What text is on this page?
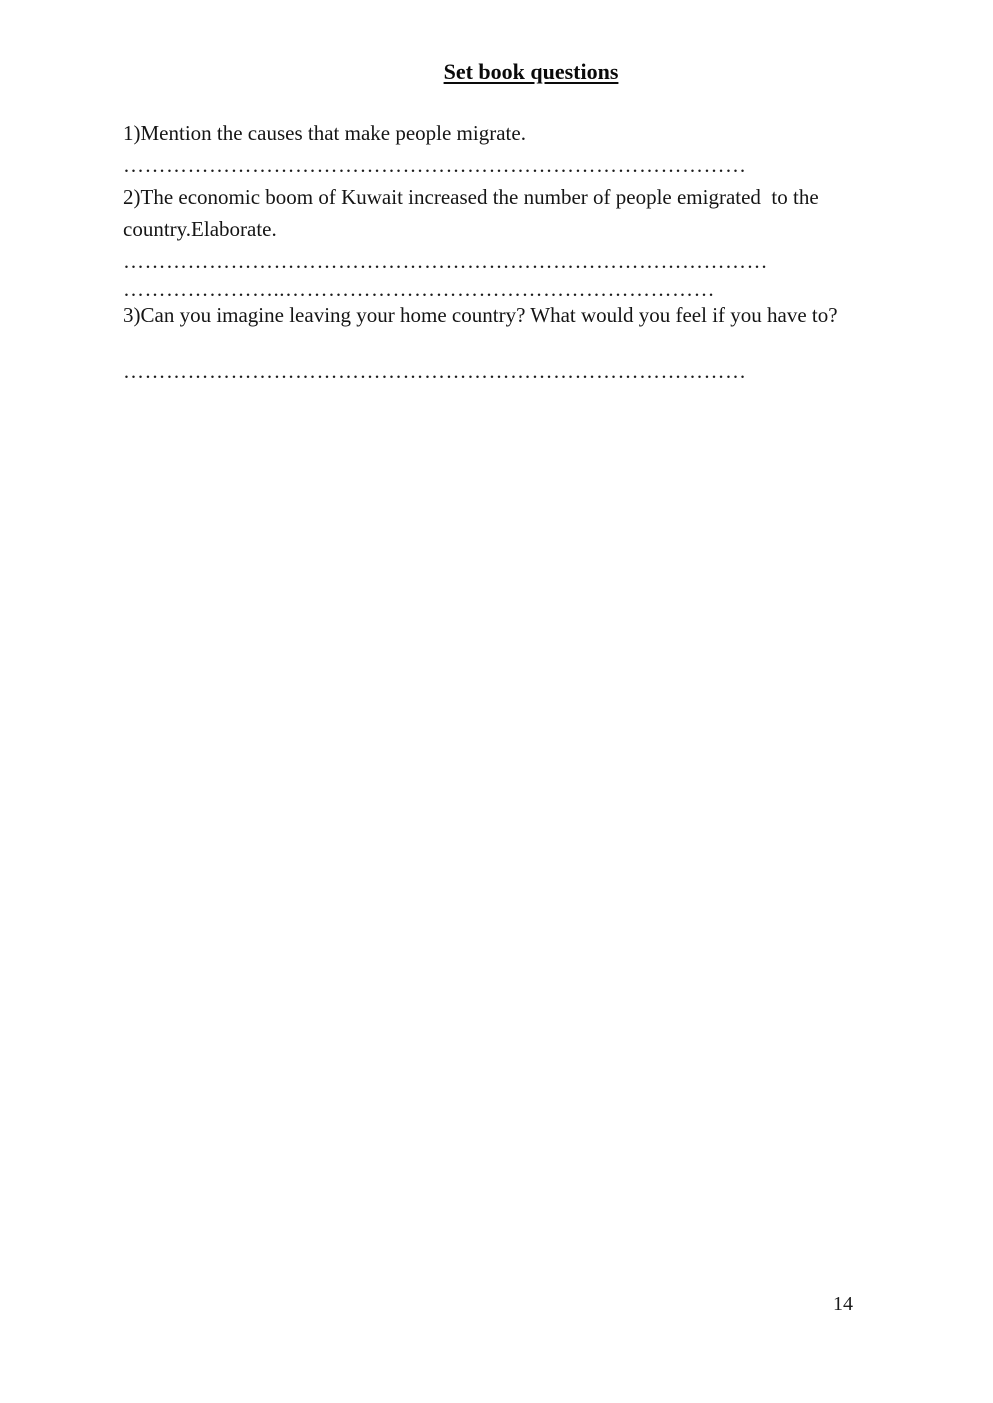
Set book questions

1)Mention the causes that make people migrate.

……………………………………………………………………………

2)The economic boom of Kuwait increased the number of people emigrated  to the

country.Elaborate.

………………………………………………………………………………

…………………..……………………………………………………

3)Can you imagine leaving your home country? What would you feel if you have to?

……………………………………………………………………………

14
